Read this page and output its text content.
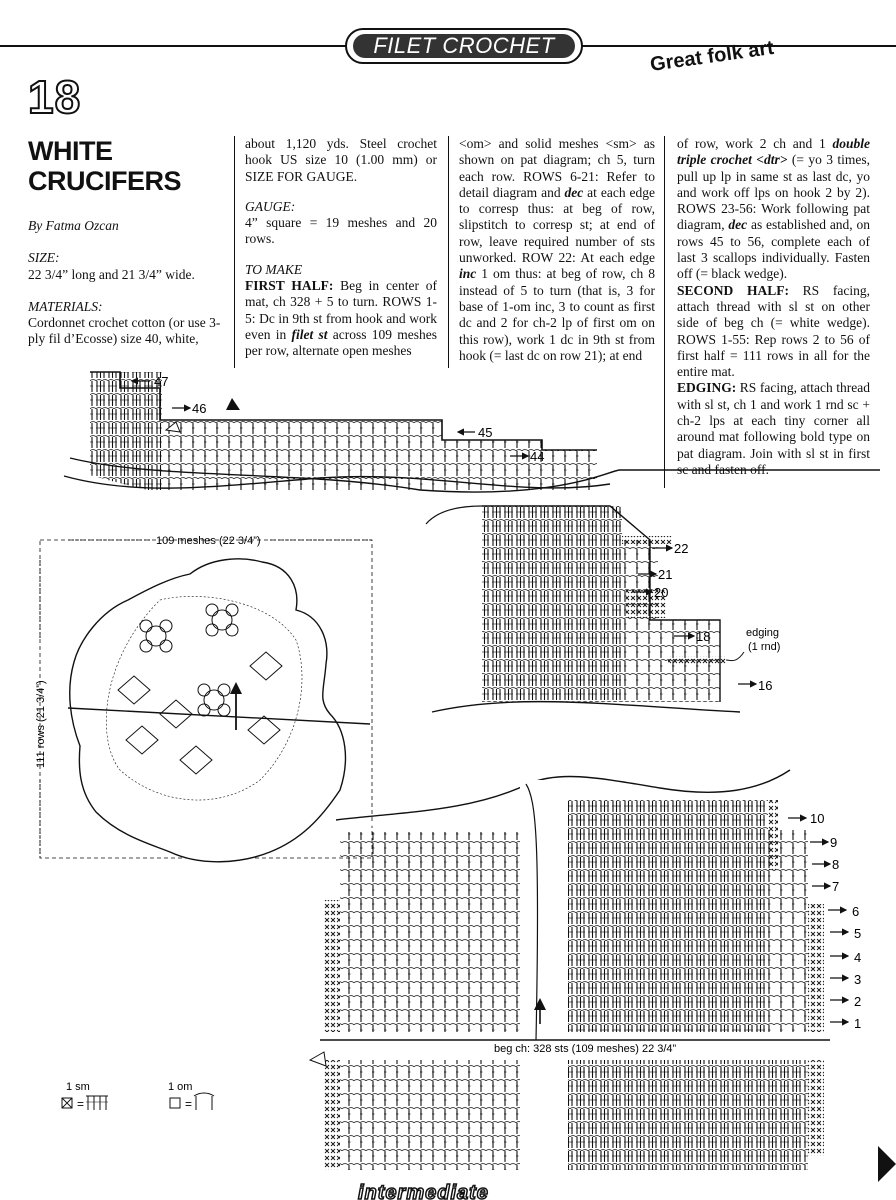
FILET CROCHET	Great folk art
18
WHITE
CRUCIFERS

By Fatma Ozcan

SIZE:

22 3/4” long and 21 3/4” wide.

MATERIALS:

Cordonnet crochet cotton (or use 3-ply fil d’Ecosse) size 40, white,

about 1,120 yds. Steel crochet hook US size 10 (1.00 mm) or SIZE FOR GAUGE.

GAUGE:

4” square = 19 meshes and 20 rows.

TO MAKE

FIRST HALF: Beg in center of mat, ch 328 + 5 to turn. ROWS 1-5: Dc in 9th st from hook and work even in filet st across 109 meshes per row, alternate open meshes

<om> and solid meshes <sm> as shown on pat diagram; ch 5, turn each row. ROWS 6-21: Refer to detail diagram and dec at each edge to corresp thus: at beg of row, slipstitch to corresp st; at end of row, leave required number of sts unworked. ROW 22: At each edge inc 1 om thus: at beg of row, ch 8 instead of 5 to turn (that is, 3 for base of 1-om inc, 3 to count as first dc and 2 for ch-2 lp of first om on this row), work 1 dc in 9th st from hook (= last dc on row 21); at end

of row, work 2 ch and 1 double triple crochet <dtr> (= yo 3 times, pull up lp in same st as last dc, yo and work off lps on hook 2 by 2). ROWS 23-56: Work following pat diagram, dec as established and, on rows 45 to 56, complete each of last 3 scallops individually. Fasten off (= black wedge).

SECOND HALF: RS facing, attach thread with sl st on other side of beg ch (= white wedge). ROWS 1-55: Rep rows 2 to 56 of first half = 111 rows in all for the entire mat.

EDGING: RS facing, attach thread with sl st, ch 1 and work 1 rnd sc + ch-2 lps at each tiny corner all around mat following bold type on pat diagram. Join with sl st in first sc and fasten off.

47
46
45
44
22
21
20
18
16
edging
(1 rnd)
109 meshes (22 3/4”)
111 rows (21 3/4”)
10
9
8
7
6
5
4
3
2
1
beg ch: 328 sts (109 meshes) 22 3/4”
1 sm
=
1 om
=
intermediate
